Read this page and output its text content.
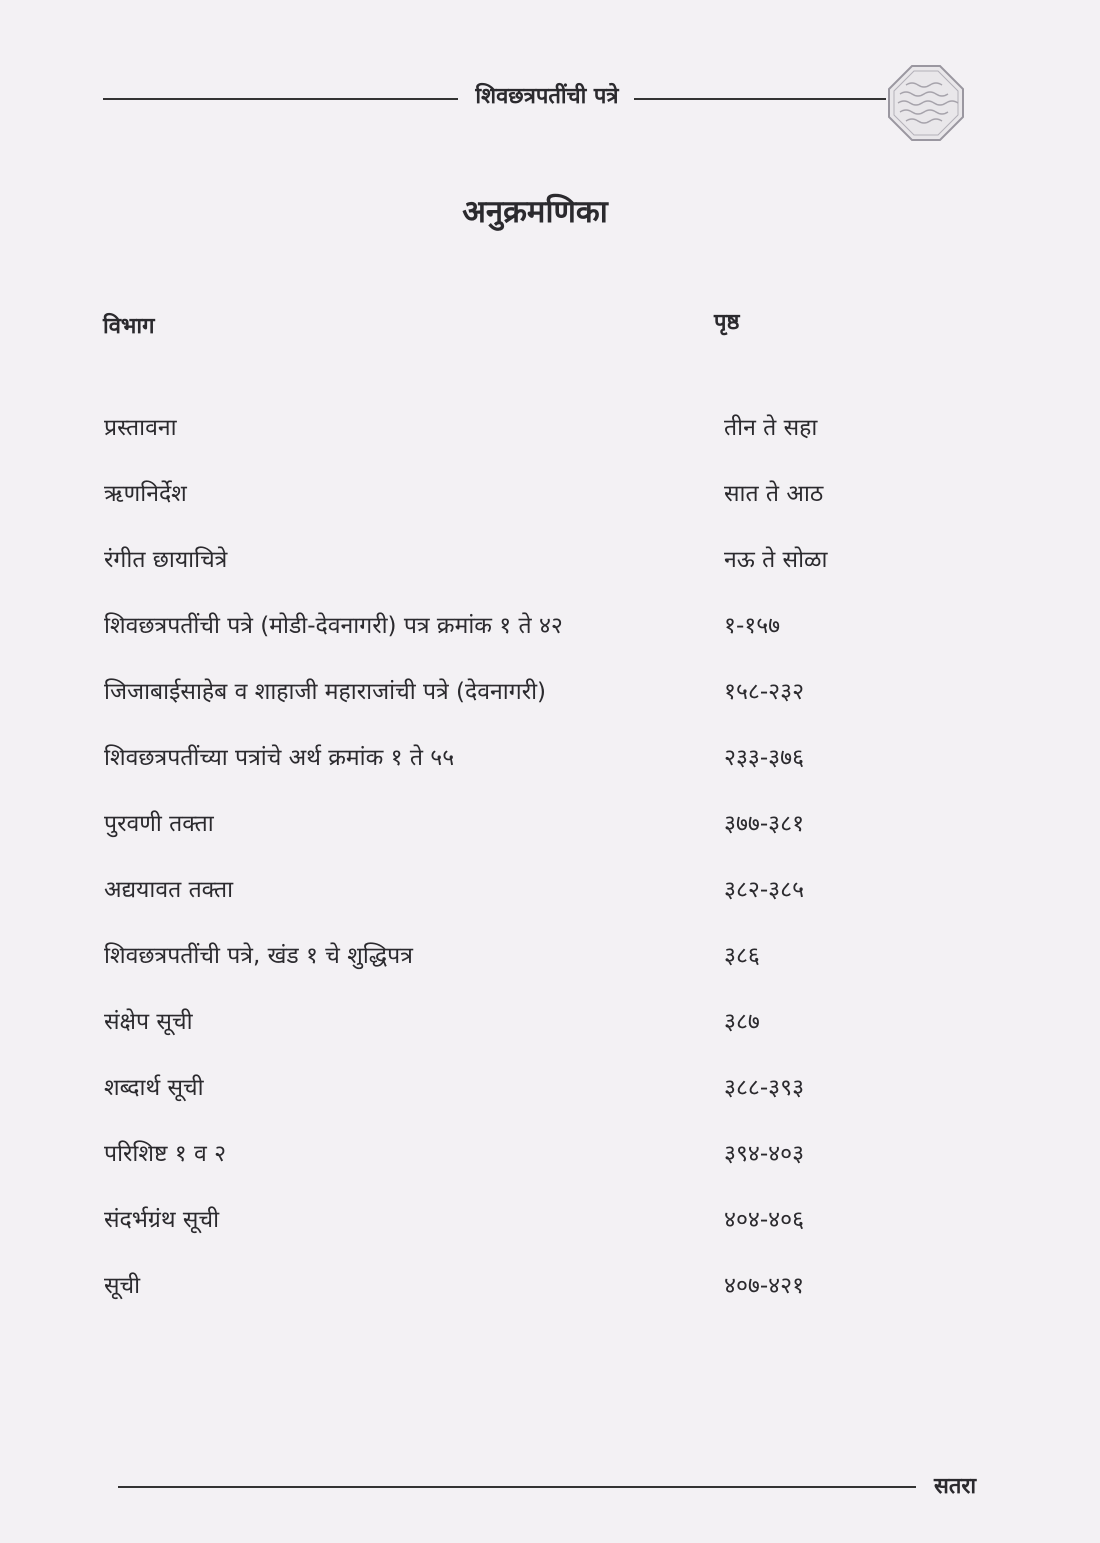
शिवछत्रपतींची पत्रे
अनुक्रमणिका
विभाग	पृष्ठ
प्रस्तावना	तीन ते सहा
ऋणनिर्देश	सात ते आठ
रंगीत छायाचित्रे	नऊ ते सोळा
शिवछत्रपतींची पत्रे (मोडी-देवनागरी) पत्र क्रमांक १ ते ४२	१-१५७
जिजाबाईसाहेब व शाहाजी महाराजांची पत्रे (देवनागरी)	१५८-२३२
शिवछत्रपतींच्या पत्रांचे अर्थ क्रमांक १ ते ५५	२३३-३७६
पुरवणी तक्ता	३७७-३८१
अद्ययावत तक्ता	३८२-३८५
शिवछत्रपतींची पत्रे, खंड १ चे शुद्धिपत्र	३८६
संक्षेप सूची	३८७
शब्दार्थ सूची	३८८-३९३
परिशिष्ट १ व २	३९४-४०३
संदर्भग्रंथ सूची	४०४-४०६
सूची	४०७-४२१
सतरा
